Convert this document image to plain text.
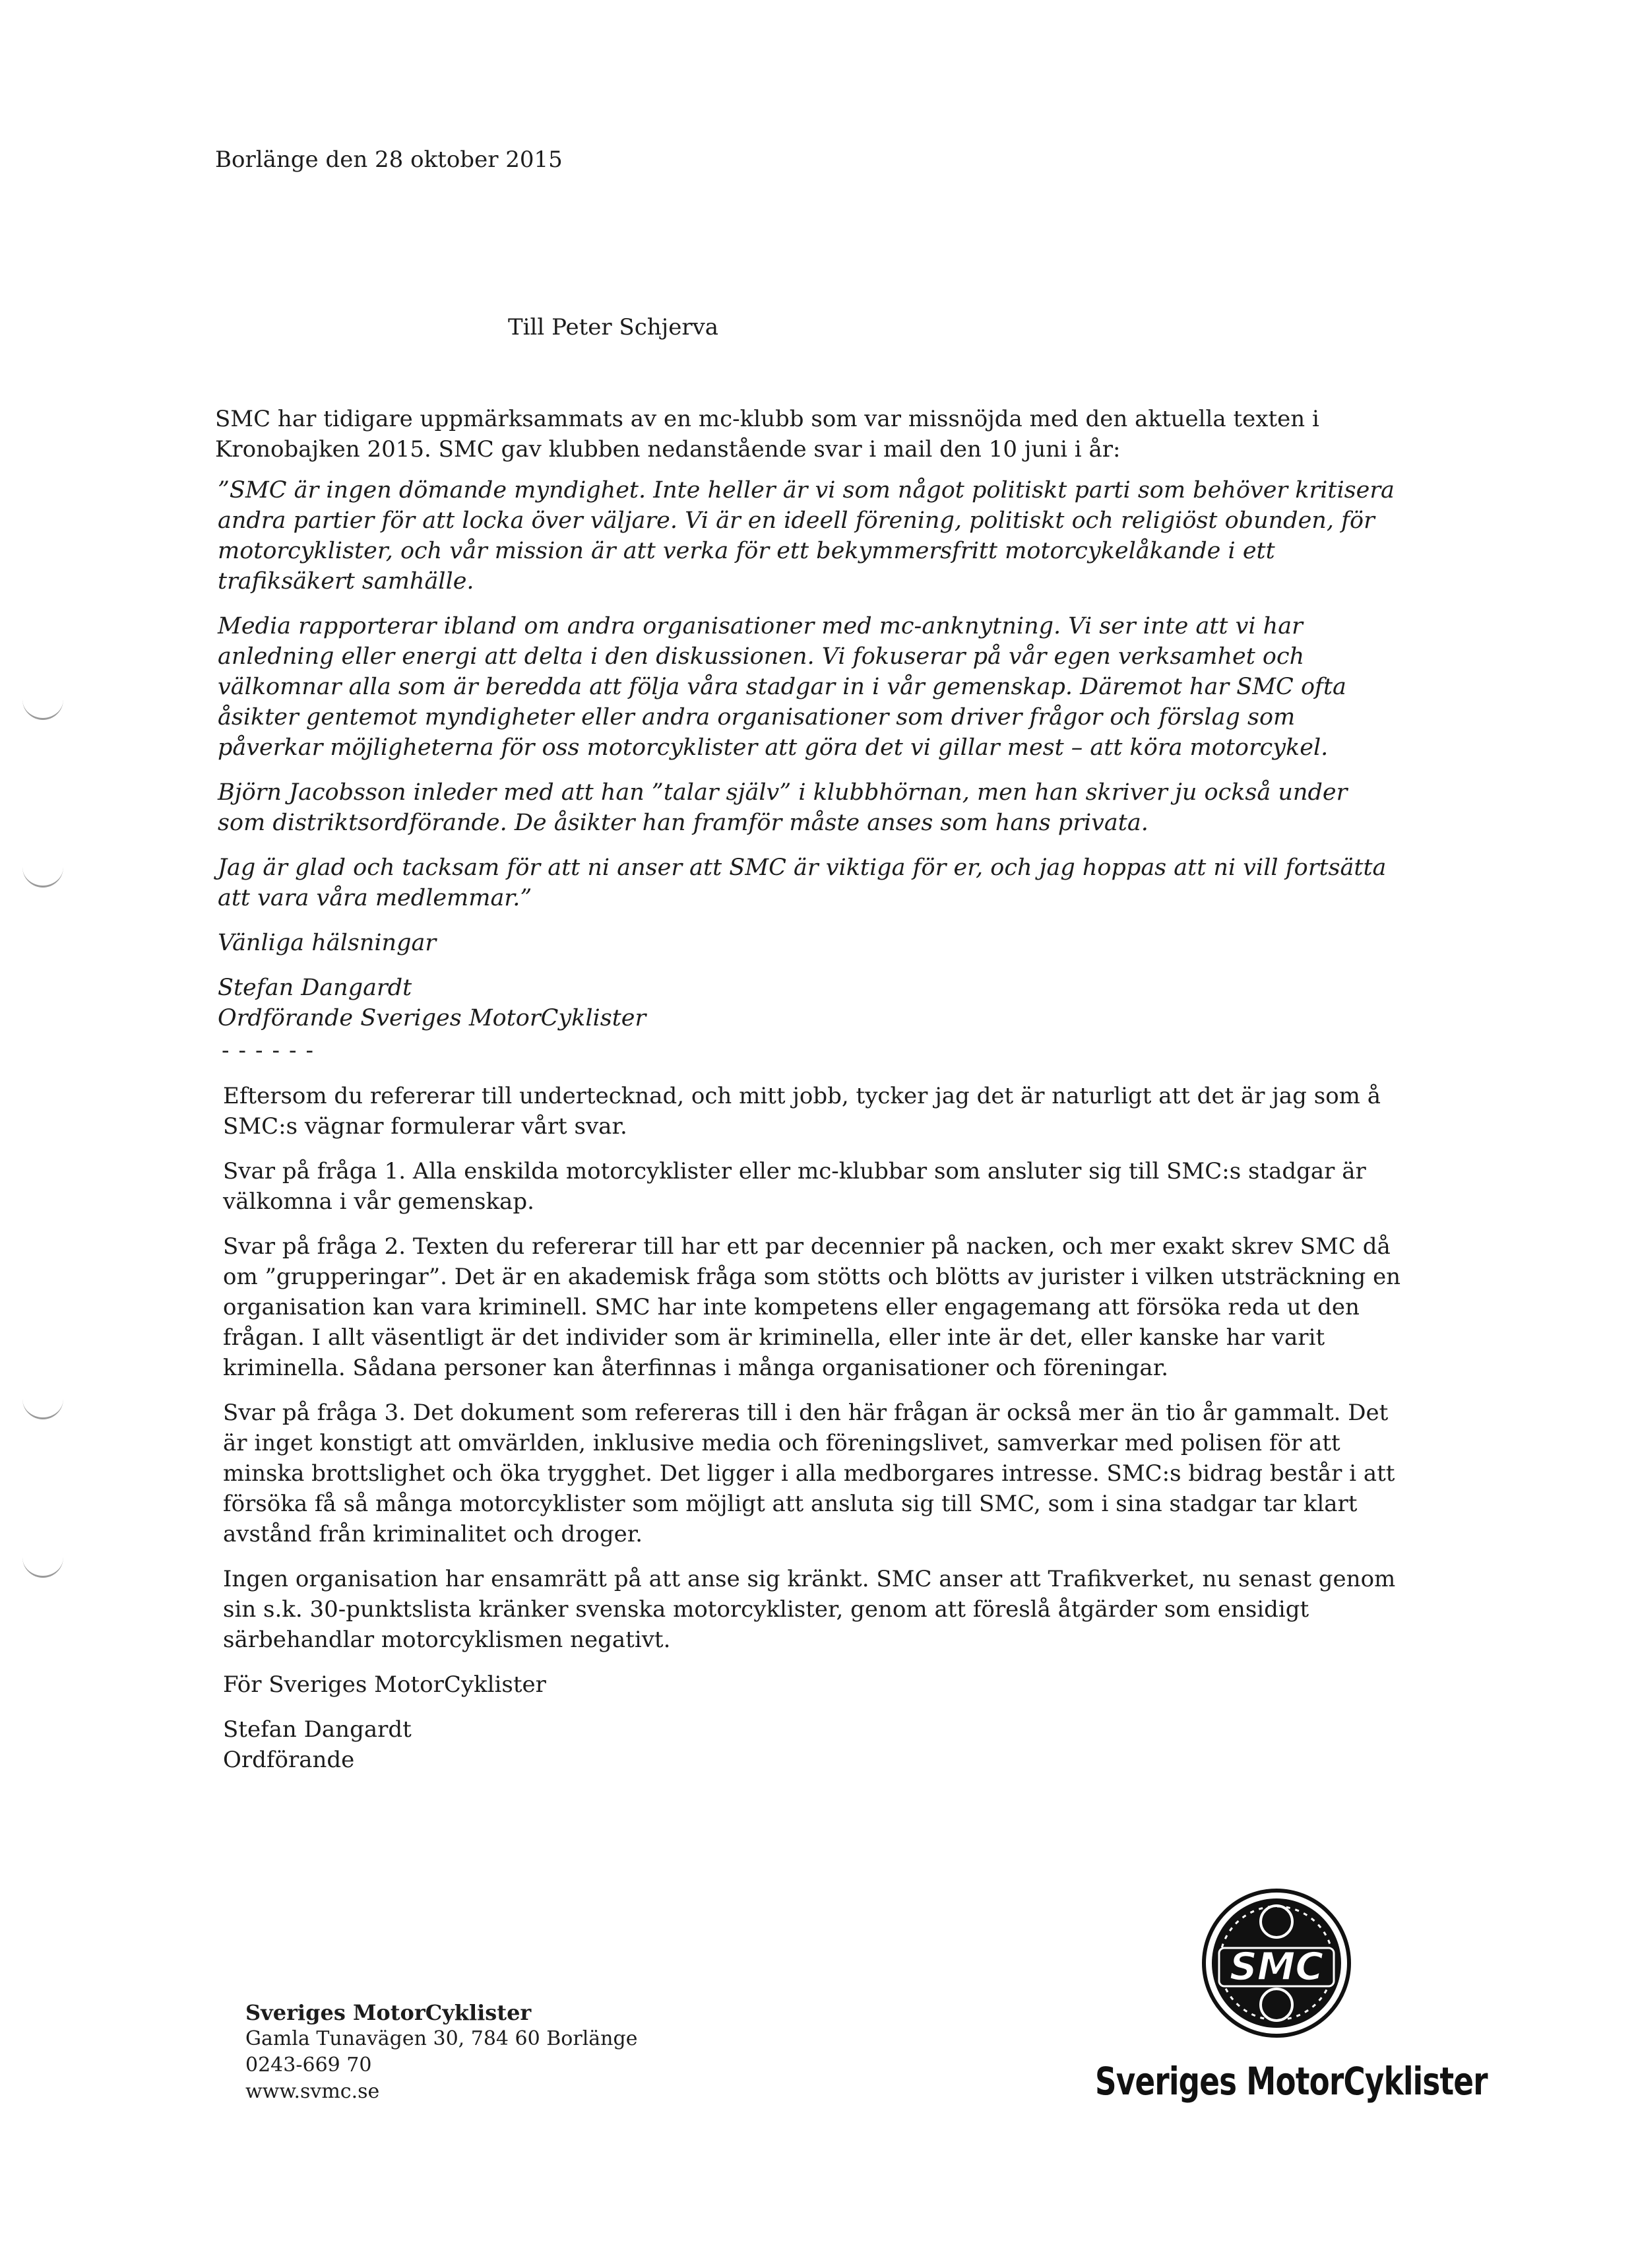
Borlänge den 28 oktober 2015
Till Peter Schjerva
SMC har tidigare uppmärksammats av en mc-klubb som var missnöjda med den aktuella texten i Kronobajken 2015. SMC gav klubben nedanstående svar i mail den 10 juni i år:

”SMC är ingen dömande myndighet. Inte heller är vi som något politiskt parti som behöver kritisera andra partier för att locka över väljare. Vi är en ideell förening, politiskt och religiöst obunden, för motorcyklister, och vår mission är att verka för ett bekymmersfritt motorcykelåkande i ett trafiksäkert samhälle.

Media rapporterar ibland om andra organisationer med mc-anknytning. Vi ser inte att vi har anledning eller energi att delta i den diskussionen. Vi fokuserar på vår egen verksamhet och välkomnar alla som är beredda att följa våra stadgar in i vår gemenskap. Däremot har SMC ofta åsikter gentemot myndigheter eller andra organisationer som driver frågor och förslag som påverkar möjligheterna för oss motorcyklister att göra det vi gillar mest – att köra motorcykel.

Björn Jacobsson inleder med att han ”talar själv” i klubbhörnan, men han skriver ju också under som distriktsordförande. De åsikter han framför måste anses som hans privata.

Jag är glad och tacksam för att ni anser att SMC är viktiga för er, och jag hoppas att ni vill fortsätta att vara våra medlemmar.”

Vänliga hälsningar

Stefan Dangardt
Ordförande Sveriges MotorCyklister

------

Eftersom du refererar till undertecknad, och mitt jobb, tycker jag det är naturligt att det är jag som å SMC:s vägnar formulerar vårt svar.

Svar på fråga 1. Alla enskilda motorcyklister eller mc-klubbar som ansluter sig till SMC:s stadgar är välkomna i vår gemenskap.

Svar på fråga 2. Texten du refererar till har ett par decennier på nacken, och mer exakt skrev SMC då om ”grupperingar”. Det är en akademisk fråga som stötts och blötts av jurister i vilken utsträckning en organisation kan vara kriminell. SMC har inte kompetens eller engagemang att försöka reda ut den frågan. I allt väsentligt är det individer som är kriminella, eller inte är det, eller kanske har varit kriminella. Sådana personer kan återfinnas i många organisationer och föreningar.

Svar på fråga 3. Det dokument som refereras till i den här frågan är också mer än tio år gammalt. Det är inget konstigt att omvärlden, inklusive media och föreningslivet, samverkar med polisen för att minska brottslighet och öka trygghet. Det ligger i alla medborgares intresse. SMC:s bidrag består i att försöka få så många motorcyklister som möjligt att ansluta sig till SMC, som i sina stadgar tar klart avstånd från kriminalitet och droger.

Ingen organisation har ensamrätt på att anse sig kränkt. SMC anser att Trafikverket, nu senast genom sin s.k. 30-punktslista kränker svenska motorcyklister, genom att föreslå åtgärder som ensidigt särbehandlar motorcyklismen negativt.

För Sveriges MotorCyklister

Stefan Dangardt
Ordförande

Sveriges MotorCyklister
Gamla Tunavägen 30, 784 60 Borlänge
0243-669 70
www.svmc.se
SMC
Sveriges MotorCyklister
